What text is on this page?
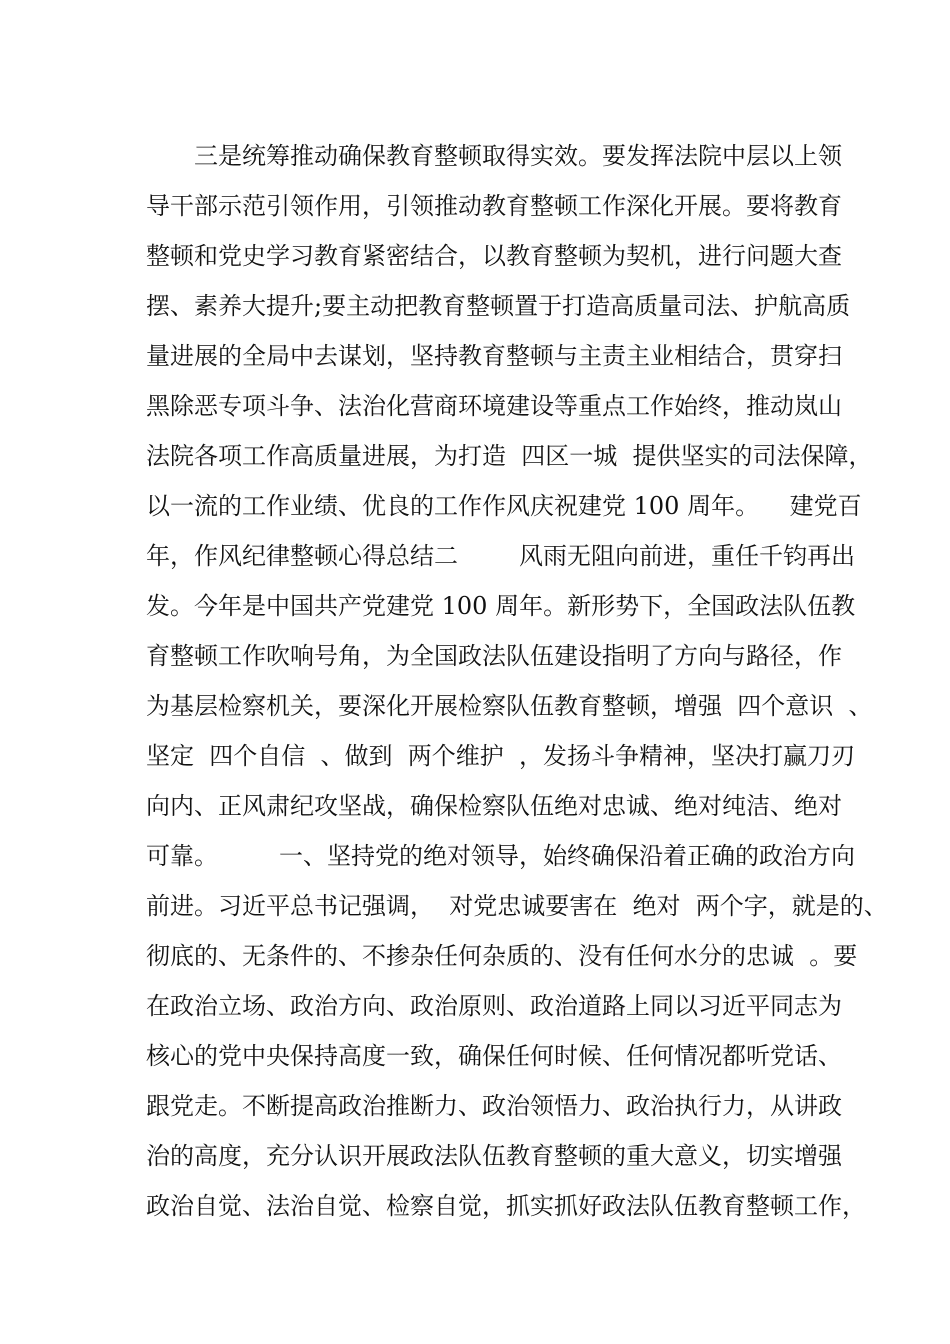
　　三是统筹推动确保教育整顿取得实效。要发挥法院中层以上领
导干部示范引领作用，引领推动教育整顿工作深化开展。要将教育
整顿和党史学习教育紧密结合，以教育整顿为契机，进行问题大查
摆、素养大提升;要主动把教育整顿置于打造高质量司法、护航高质
量进展的全局中去谋划，坚持教育整顿与主责主业相结合，贯穿扫
黑除恶专项斗争、法治化营商环境建设等重点工作始终，推动岚山
法院各项工作高质量进展，为打造  四区一城  提供坚实的司法保障，
以一流的工作业绩、优良的工作作风庆祝建党 100 周年。    建党百
年，作风纪律整顿心得总结二        风雨无阻向前进，重任千钧再出
发。今年是中国共产党建党 100 周年。新形势下，全国政法队伍教
育整顿工作吹响号角，为全国政法队伍建设指明了方向与路径，作
为基层检察机关，要深化开展检察队伍教育整顿，增强  四个意识  、
坚定  四个自信  、做到  两个维护  ，发扬斗争精神，坚决打赢刀刃
向内、正风肃纪攻坚战，确保检察队伍绝对忠诚、绝对纯洁、绝对
可靠。        一、坚持党的绝对领导，始终确保沿着正确的政治方向
前进。习近平总书记强调，  对党忠诚要害在  绝对  两个字，就是的、
彻底的、无条件的、不掺杂任何杂质的、没有任何水分的忠诚  。要
在政治立场、政治方向、政治原则、政治道路上同以习近平同志为
核心的党中央保持高度一致，确保任何时候、任何情况都听党话、
跟党走。不断提高政治推断力、政治领悟力、政治执行力，从讲政
治的高度，充分认识开展政法队伍教育整顿的重大意义，切实增强
政治自觉、法治自觉、检察自觉，抓实抓好政法队伍教育整顿工作，
